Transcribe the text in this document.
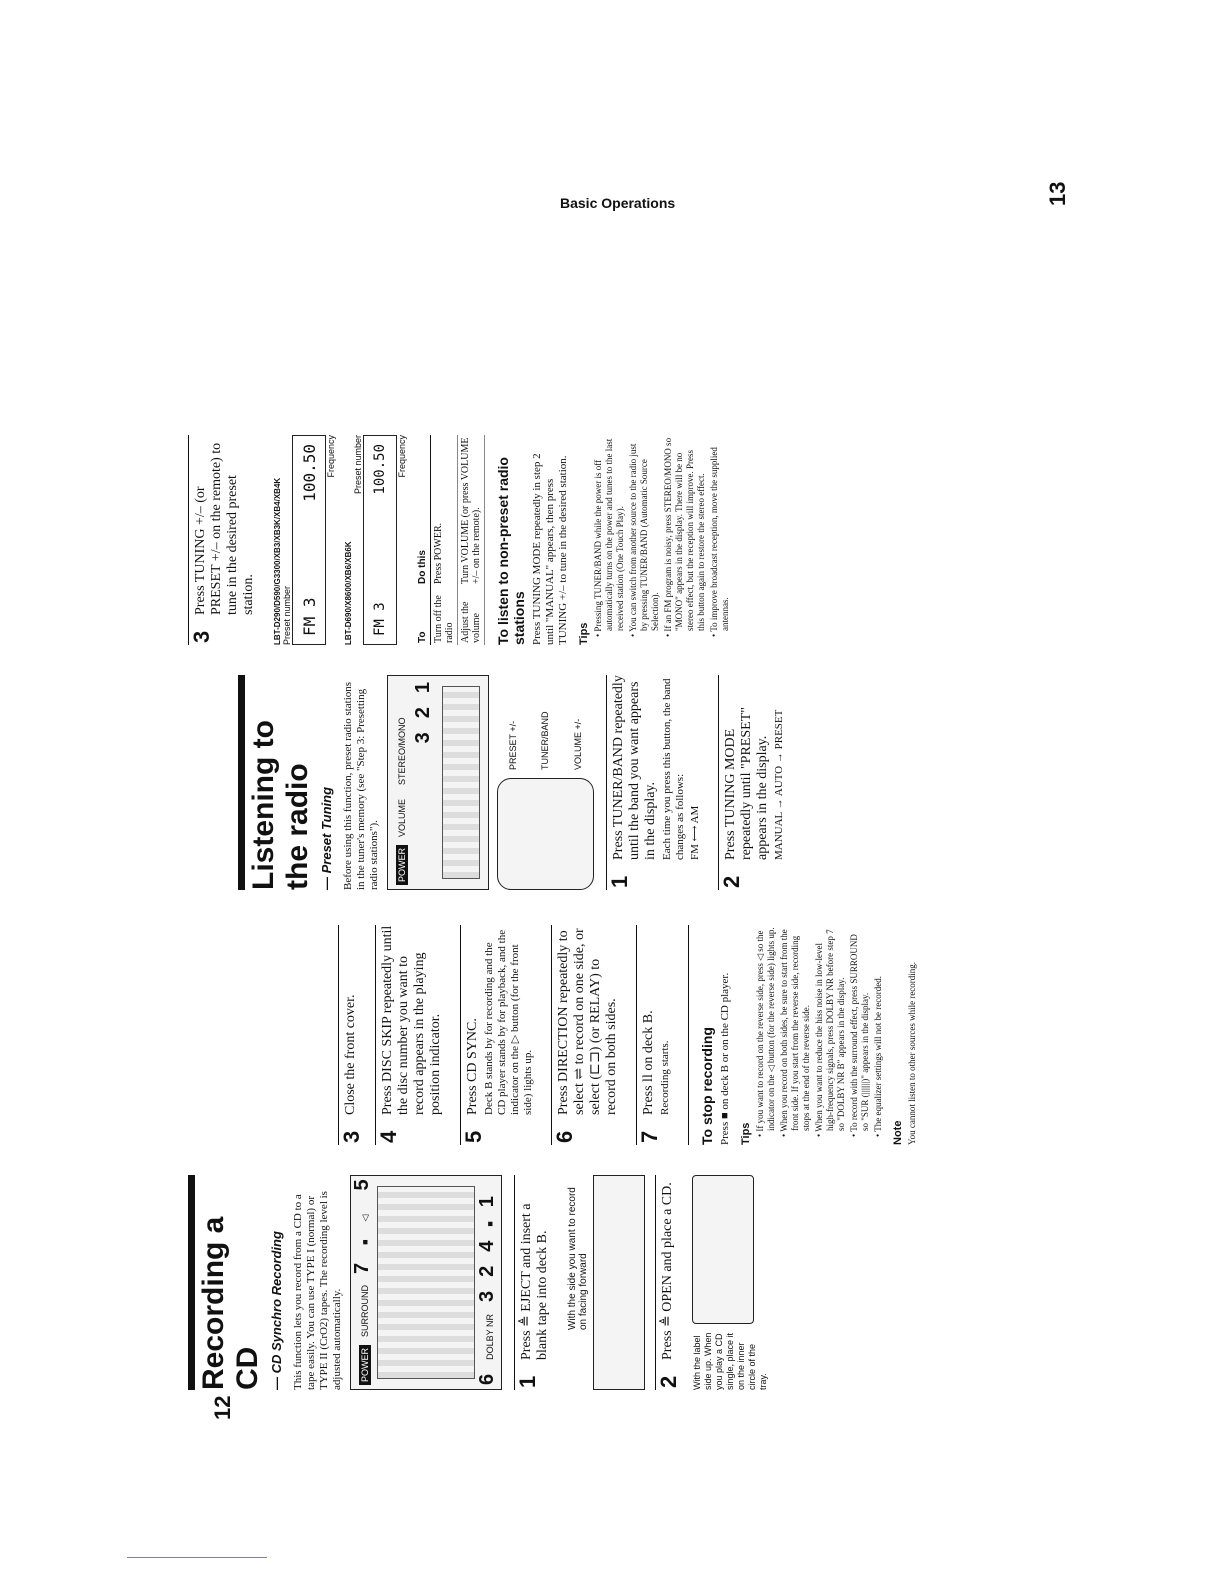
12
13
Basic Operations
Recording a CD — CD Synchro Recording This function lets you record from a CD to a tape easily. You can use TYPE I (normal) or TYPE II (CrO2) tapes. The recording level is adjusted automatically.	POWER SURROUND
7 ■ ◁ 5
6 DOLBY NR 3 2 4 ■ 1
1
Press ≜ EJECT and insert a blank tape into deck B. With the side you want to record on facing forward
2
Press ≜ OPEN and place a CD.
With the label side up. When you play a CD single, place it on the inner circle of the tray.
3
Close the front cover.
4
Press DISC SKIP repeatedly until the disc number you want to record appears in the playing position indicator.
5
Press CD SYNC. Deck B stands by for recording and the CD player stands by for playback, and the indicator on the ▷ button (for the front side) lights up.
6
Press DIRECTION repeatedly to select ⇌ to record on one side, or select (⊏⊐) (or RELAY) to record on both sides.
7
Press ll on deck B. Recording starts. To stop recording Press ■ on deck B or on the CD player. Tips
• If you want to record on the reverse side, press ◁ so the indicator on the ◁ button (for the reverse side) lights up. • When you record on both sides, be sure to start from the front side. If you start from the reverse side, recording stops at the end of the reverse side. • When you want to reduce the hiss noise in low-level high-frequency signals, press DOLBY NR before step 7 so "DOLBY NR B" appears in the display. • To record with the surround effect, press SURROUND so "SUR (|||||||)" appears in the display. • The equalizer settings will not be recorded.
Note You cannot listen to other sources while recording.

Listening to the radio — Preset Tuning Before using this function, preset radio stations in the tuner's memory (see "Step 3: Presetting radio stations").	POWER VOLUME STEREO/MONO 3 2 1
PRESET +/- TUNER/BAND VOLUME +/-
1
Press TUNER/BAND repeatedly until the band you want appears in the display. Each time you press this button, the band changes as follows: FM ⟷ AM
2
Press TUNING MODE repeatedly until "PRESET" appears in the display. MANUAL → AUTO → PRESET
3
Press TUNING +/– (or PRESET +/– on the remote) to tune in the desired preset station. LBT-D290/D590/G3300/XB3/XB3K/XB4/XB4K Preset number FM 3
100.50 Frequency
LBT-D690/X8600/XB6/XB6K
Preset number
FM 3
100.50 Frequency
To	Do this
Turn off the radio	Press POWER.
Adjust the volume	Turn VOLUME (or press VOLUME +/– on the remote). To listen to non-preset radio stations Press TUNING MODE repeatedly in step 2 until "MANUAL" appears, then press TUNING +/– to tune in the desired station. Tips
• Pressing TUNER/BAND while the power is off automatically turns on the power and tunes to the last received station (One Touch Play). • You can switch from another source to the radio just by pressing TUNER/BAND (Automatic Source Selection). • If an FM program is noisy, press STEREO/MONO so "MONO" appears in the display. There will be no stereo effect, but the reception will improve. Press this button again to restore the stereo effect. • To improve broadcast reception, move the supplied antennas.
